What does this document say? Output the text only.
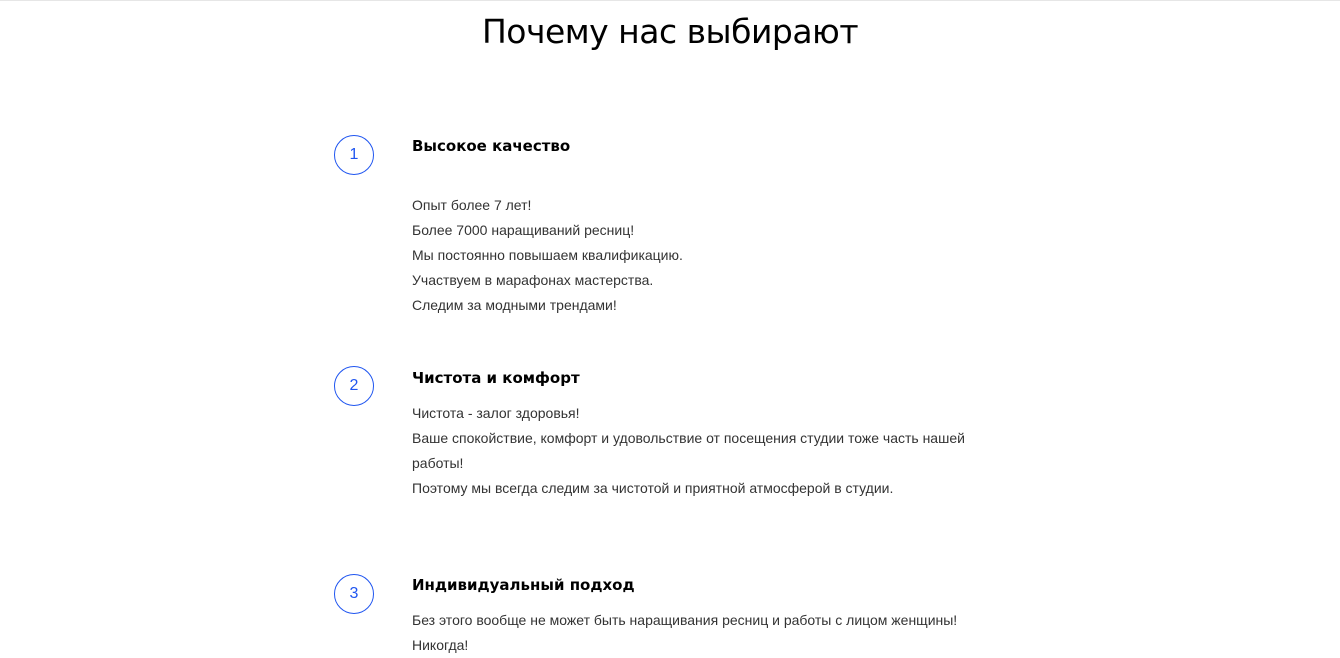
Почему нас выбирают
1	Высокое качество
Опыт более 7 лет!
Более 7000 наращиваний ресниц!
Мы постоянно повышаем квалификацию.
Участвуем в марафонах мастерства.
Следим за модными трендами!
2	Чистота и комфорт
Чистота - залог здоровья!
Ваше спокойствие, комфорт и удовольствие от посещения студии тоже часть нашей работы!
Поэтому мы всегда следим за чистотой и приятной атмосферой в студии.
3	Индивидуальный подход
Без этого вообще не может быть наращивания ресниц и работы с лицом женщины!
Никогда!
